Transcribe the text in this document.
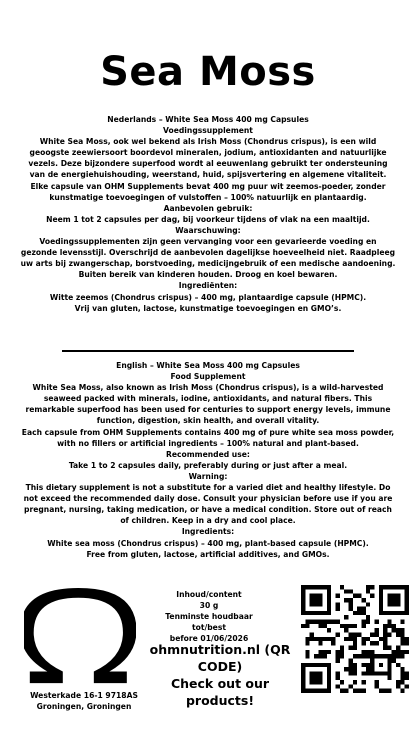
Sea Moss

Nederlands – White Sea Moss 400 mg Capsules

Voedingssupplement

White Sea Moss, ook wel bekend als Irish Moss (Chondrus crispus), is een wild geoogste zeewiersoort boordevol mineralen, jodium, antioxidanten and natuurlijke vezels. Deze bijzondere superfood wordt al eeuwenlang gebruikt ter ondersteuning van de energiehuishouding, weerstand, huid, spijsvertering en algemene vitaliteit.

Elke capsule van OHM Supplements bevat 400 mg puur wit zeemos-poeder, zonder kunstmatige toevoegingen of vulstoffen – 100% natuurlijk en plantaardig.

Aanbevolen gebruik:

Neem 1 tot 2 capsules per dag, bij voorkeur tijdens of vlak na een maaltijd.

Waarschuwing:

Voedingssupplementen zijn geen vervanging voor een gevarieerde voeding en gezonde levensstijl. Overschrijd de aanbevolen dagelijkse hoeveelheid niet. Raadpleeg uw arts bij zwangerschap, borstvoeding, medicijngebruik of een medische aandoening. Buiten bereik van kinderen houden. Droog en koel bewaren.

Ingrediënten:

Witte zeemos (Chondrus crispus) – 400 mg, plantaardige capsule (HPMC).

Vrij van gluten, lactose, kunstmatige toevoegingen en GMO’s.

English – White Sea Moss 400 mg Capsules

Food Supplement

White Sea Moss, also known as Irish Moss (Chondrus crispus), is a wild-harvested seaweed packed with minerals, iodine, antioxidants, and natural fibers. This remarkable superfood has been used for centuries to support energy levels, immune function, digestion, skin health, and overall vitality.

Each capsule from OHM Supplements contains 400 mg of pure white sea moss powder, with no fillers or artificial ingredients – 100% natural and plant-based.

Recommended use:

Take 1 to 2 capsules daily, preferably during or just after a meal.

Warning:

This dietary supplement is not a substitute for a varied diet and healthy lifestyle. Do not exceed the recommended daily dose. Consult your physician before use if you are pregnant, nursing, taking medication, or have a medical condition. Store out of reach of children. Keep in a dry and cool place.

Ingredients:

White sea moss (Chondrus crispus) – 400 mg, plant-based capsule (HPMC).

Free from gluten, lactose, artificial additives, and GMOs.

Westerkade 16-1 9718AS
Groningen, Groningen
Inhoud/content
30 g
Tenminste houdbaar tot/best
before 01/06/2026
ohmnutrition.nl (QR CODE)
Check out our products!
